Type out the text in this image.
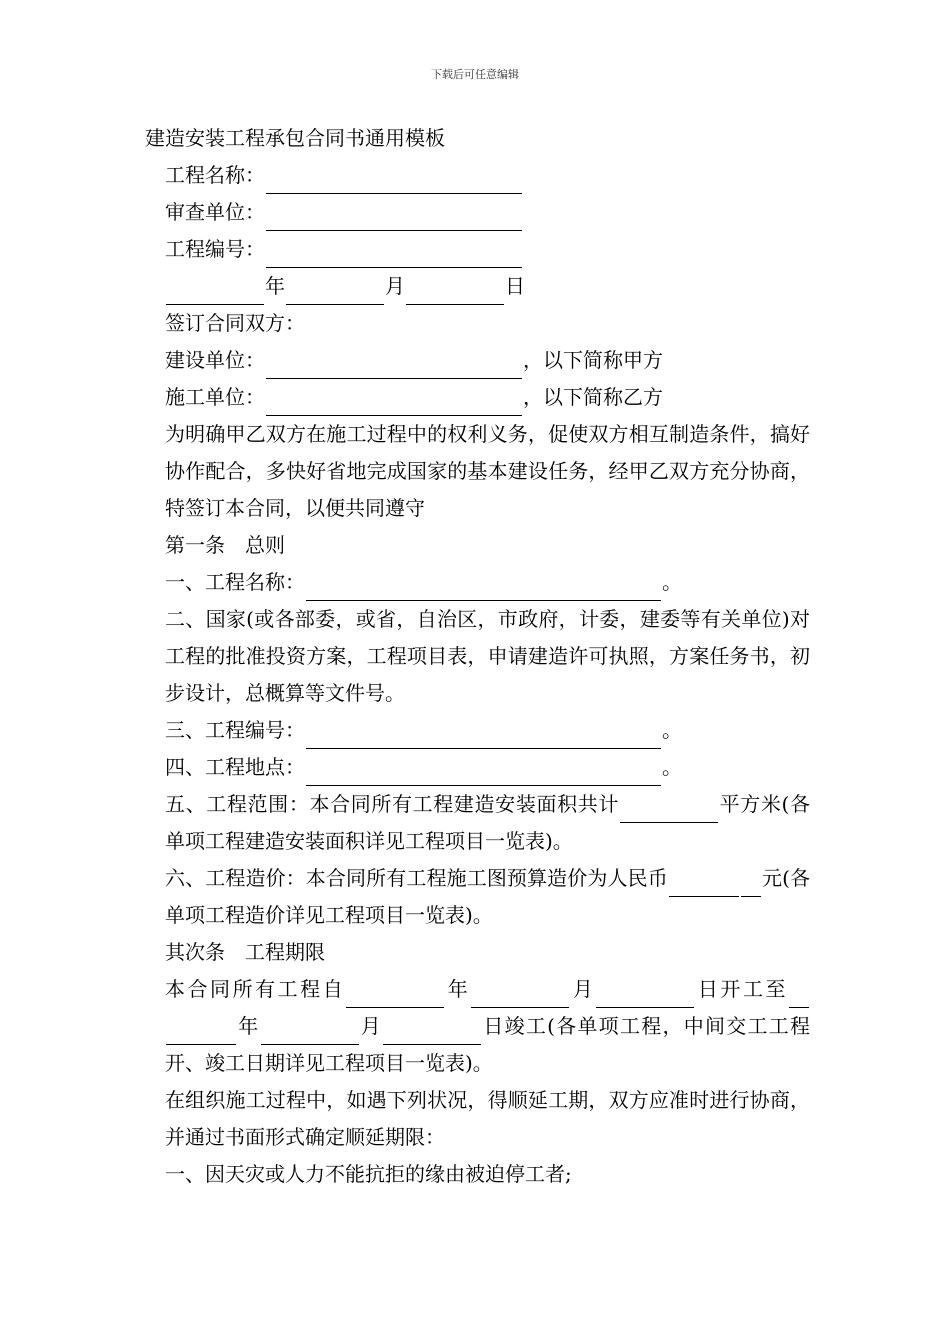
下载后可任意编辑

建造安装工程承包合同书通用模板

工程名称：

审查单位：

工程编号：

年	月	日

签订合同双方：

建设单位：	，以下简称甲方

施工单位：	，以下简称乙方

为明确甲乙双方在施工过程中的权利义务，促使双方相互制造条件，搞好协作配合，多快好省地完成国家的基本建设任务，经甲乙双方充分协商，特签订本合同，以便共同遵守

第一条　总则

一、工程名称：	。

二、国家(或各部委，或省，自治区，市政府，计委，建委等有关单位)对工程的批准投资方案，工程项目表，申请建造许可执照，方案任务书，初步设计，总概算等文件号。

三、工程编号：	。

四、工程地点：	。

五、工程范围：本合同所有工程建造安装面积共计	平方米(各单项工程建造安装面积详见工程项目一览表)。

六、工程造价：本合同所有工程施工图预算造价为人民币	元(各单项工程造价详见工程项目一览表)。

其次条　工程期限

本合同所有工程自	年	月	日开工至年	月	日竣工(各单项工程，中间交工工程开、竣工日期详见工程项目一览表)。

在组织施工过程中，如遇下列状况，得顺延工期，双方应准时进行协商，并通过书面形式确定顺延期限：

一、因天灾或人力不能抗拒的缘由被迫停工者;
